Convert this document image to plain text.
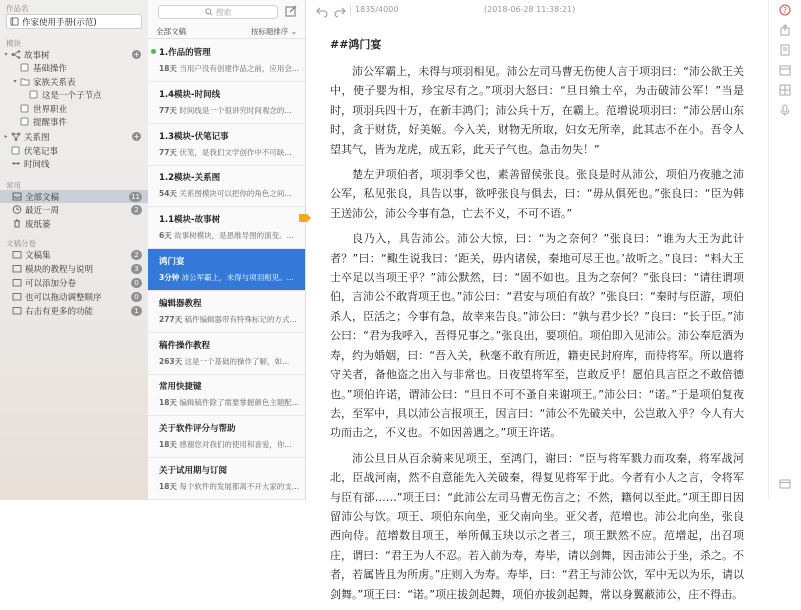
作品名
作家使用手册(示范)
模块
▾ 故事树	+
基础操作
▾ 家族关系表
这是一个子节点
世界职业
提醒事件
▸ 关系图	+
伏笔记事
时间线
常用
全部文稿	11
最近一周	2
废纸篓
文稿分卷
文稿集	2
模块的教程与说明	3
可以添加分卷	0
也可以拖动调整顺序	0
右击有更多的功能	1
搜索
全部文稿	按标题排序 ⌄
1.作品的管理
18天 当用户没有创建作品之前，应用会...
1.4模块-时间线
77天 时间线是一个很讲究时间观念的...
1.3模块-伏笔记事
77天 伏笔，是我们文学创作中不可缺...
1.2模块-关系图
54天 关系图模块可以把你的角色之间...
1.1模块-故事树
6天 故事树模块，是恩维导图的演变。...
鸿门宴
3分钟 沛公军霸上，未得与项羽相见。...
编辑器教程
277天 稿件编辑器带有特殊标记的方式...
稿件操作教程
263天 这是一个基础的操作了解，如...
常用快捷键
18天 编辑稿件除了需要掌握颜色主题配...
关于软件评分与帮助
18天 感谢您对我们的使用和喜爱，你...
关于试用期与订阅
18天 每个软件的发展都离不开大家的支...
1835/4000	(2018-06-28 11:38:21)
##鸿门宴

沛公军霸上，未得与项羽相见。沛公左司马曹无伤使人言于项羽曰：“沛公欲王关中，使子婴为相，珍宝尽有之。”项羽大怒曰：“旦日飨士卒，为击破沛公军！”当是时，项羽兵四十万，在新丰鸿门；沛公兵十万，在霸上。范增说项羽曰：“沛公居山东时，贪于财货，好美姬。今入关，财物无所取，妇女无所幸，此其志不在小。吾令人望其气，皆为龙虎，成五彩，此天子气也。急击勿失！”

楚左尹项伯者，项羽季父也，素善留侯张良。张良是时从沛公，项伯乃夜驰之沛公军，私见张良，具告以事，欲呼张良与俱去，曰：“毋从俱死也。”张良曰：“臣为韩王送沛公，沛公今事有急，亡去不义，不可不语。”

良乃入，具告沛公。沛公大惊，曰：“为之奈何？”张良曰：“谁为大王为此计者？”曰：“鲰生说我曰：‘距关，毋内诸侯，秦地可尽王也。’故听之。”良曰：“料大王士卒足以当项王乎？”沛公默然，曰：“固不如也。且为之奈何？”张良曰：“请往谓项伯，言沛公不敢背项王也。”沛公曰：“君安与项伯有故？”张良曰：“秦时与臣游，项伯杀人，臣活之；今事有急，故幸来告良。”沛公曰：“孰与君少长？”良曰：“长于臣。”沛公曰：“君为我呼入，吾得兄事之。”张良出，要项伯。项伯即入见沛公。沛公奉卮酒为寿，约为婚姻，曰：“吾入关，秋毫不敢有所近，籍吏民封府库，而待将军。所以遣将守关者，备他盗之出入与非常也。日夜望将军至，岂敢反乎！愿伯具言臣之不敢倍德也。”项伯许诺，谓沛公曰：“旦日不可不蚤自来谢项王。”沛公曰：“诺。”于是项伯复夜去，至军中，具以沛公言报项王，因言曰：“沛公不先破关中，公岂敢入乎？今人有大功而击之，不义也。不如因善遇之。”项王许诺。

沛公旦日从百余骑来见项王，至鸿门，谢曰：“臣与将军戮力而攻秦，将军战河北，臣战河南，然不自意能先入关破秦，得复见将军于此。今者有小人之言，令将军与臣有郤……”项王曰：“此沛公左司马曹无伤言之；不然，籍何以至此。”项王即日因留沛公与饮。项王、项伯东向坐，亚父南向坐。亚父者，范增也。沛公北向坐，张良西向侍。范增数目项王，举所佩玉玦以示之者三，项王默然不应。范增起，出召项庄，谓曰：“君王为人不忍。若入前为寿，寿毕，请以剑舞，因击沛公于坐，杀之。不者，若属皆且为所虏。”庄则入为寿。寿毕，曰：“君王与沛公饮，军中无以为乐，请以剑舞。”项王曰：“诺。”项庄拔剑起舞，项伯亦拔剑起舞，常以身翼蔽沛公，庄不得击。

?
